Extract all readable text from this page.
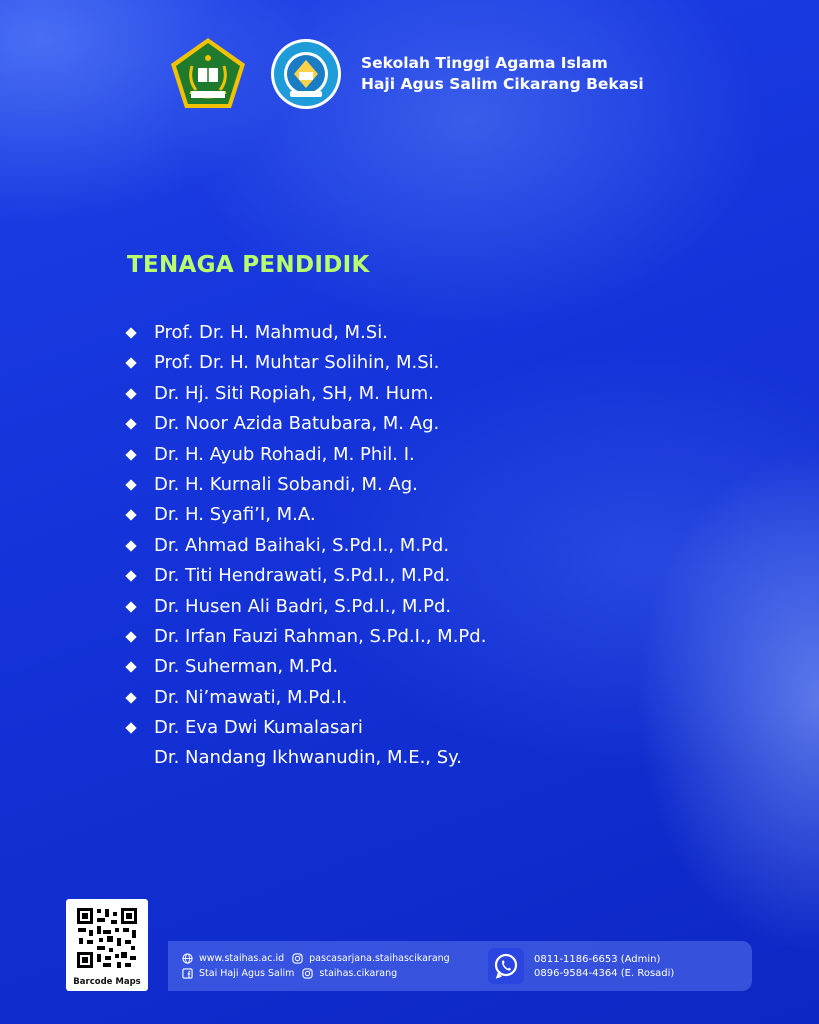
Sekolah Tinggi Agama Islam
Haji Agus Salim Cikarang Bekasi
TENAGA PENDIDIK
Prof. Dr. H. Mahmud, M.Si.
Prof. Dr. H. Muhtar Solihin, M.Si.
Dr. Hj. Siti Ropiah, SH, M. Hum.
Dr. Noor Azida Batubara, M. Ag.
Dr. H. Ayub Rohadi, M. Phil. I.
Dr. H. Kurnali Sobandi, M. Ag.
Dr. H. Syafi’I, M.A.
Dr. Ahmad Baihaki, S.Pd.I., M.Pd.
Dr. Titi Hendrawati, S.Pd.I., M.Pd.
Dr. Husen Ali Badri, S.Pd.I., M.Pd.
Dr. Irfan Fauzi Rahman, S.Pd.I., M.Pd.
Dr. Suherman, M.Pd.
Dr. Ni’mawati, M.Pd.I.
Dr. Eva Dwi Kumalasari
Dr. Nandang Ikhwanudin, M.E., Sy.
Barcode Maps
www.staihas.ac.id	pascasarjana.staihascikarang
Stai Haji Agus Salim	staihas.cikarang
0811-1186-6653 (Admin)
0896-9584-4364 (E. Rosadi)
